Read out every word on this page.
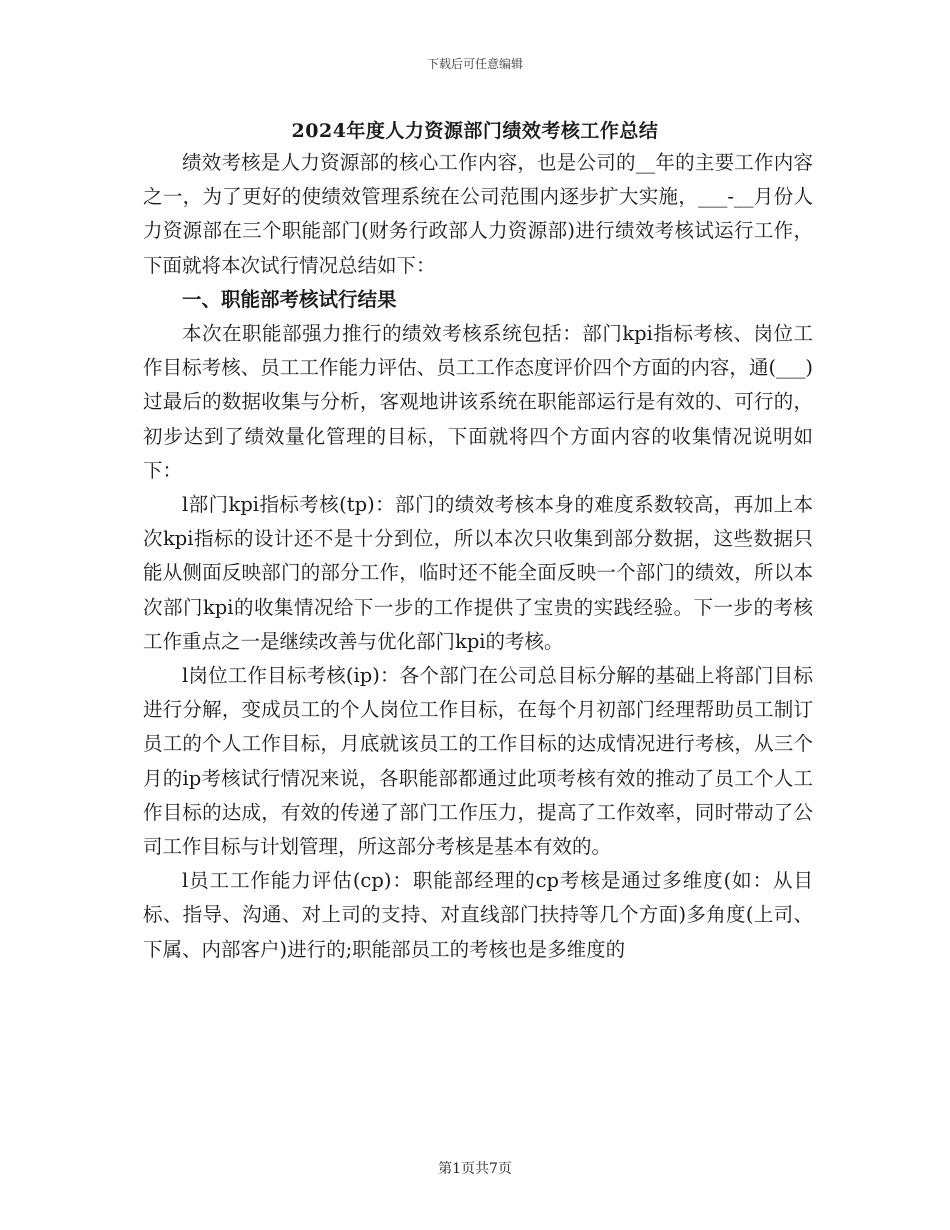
下载后可任意编辑
2024年度人力资源部门绩效考核工作总结

绩效考核是人力资源部的核心工作内容，也是公司的__年的主要工作内容之一，为了更好的使绩效管理系统在公司范围内逐步扩大实施，___-__月份人力资源部在三个职能部门(财务行政部人力资源部)进行绩效考核试运行工作，下面就将本次试行情况总结如下：

一、职能部考核试行结果

本次在职能部强力推行的绩效考核系统包括：部门kpi指标考核、岗位工作目标考核、员工工作能力评估、员工工作态度评价四个方面的内容，通(___)过最后的数据收集与分析，客观地讲该系统在职能部运行是有效的、可行的，初步达到了绩效量化管理的目标，下面就将四个方面内容的收集情况说明如下：

l部门kpi指标考核(tp)：部门的绩效考核本身的难度系数较高，再加上本次kpi指标的设计还不是十分到位，所以本次只收集到部分数据，这些数据只能从侧面反映部门的部分工作，临时还不能全面反映一个部门的绩效，所以本次部门kpi的收集情况给下一步的工作提供了宝贵的实践经验。下一步的考核工作重点之一是继续改善与优化部门kpi的考核。

l岗位工作目标考核(ip)：各个部门在公司总目标分解的基础上将部门目标进行分解，变成员工的个人岗位工作目标，在每个月初部门经理帮助员工制订员工的个人工作目标，月底就该员工的工作目标的达成情况进行考核，从三个月的ip考核试行情况来说，各职能部都通过此项考核有效的推动了员工个人工作目标的达成，有效的传递了部门工作压力，提高了工作效率，同时带动了公司工作目标与计划管理，所这部分考核是基本有效的。

l员工工作能力评估(cp)：职能部经理的cp考核是通过多维度(如：从目标、指导、沟通、对上司的支持、对直线部门扶持等几个方面)多角度(上司、下属、内部客户)进行的;职能部员工的考核也是多维度的

第1页共7页
